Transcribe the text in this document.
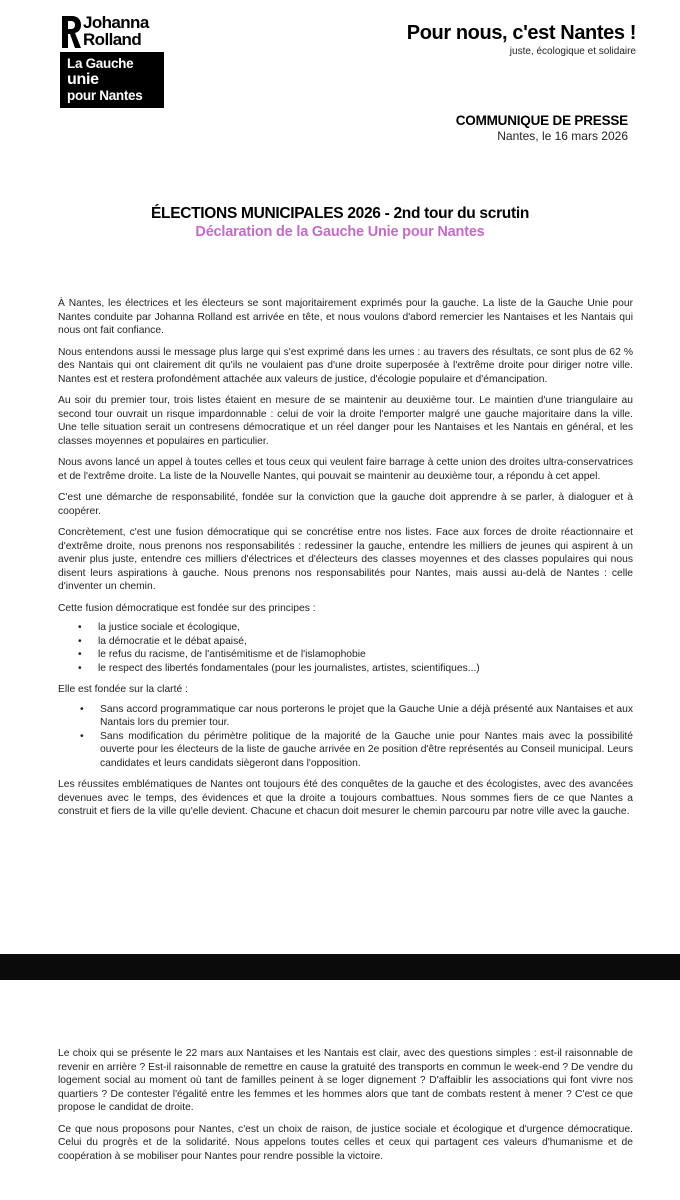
Johanna
Rolland
La Gauche unie
pour Nantes
Pour nous, c'est Nantes !
juste, écologique et solidaire
COMMUNIQUE DE PRESSE
Nantes, le 16 mars 2026
ÉLECTIONS MUNICIPALES 2026 - 2nd tour du scrutin
Déclaration de la Gauche Unie pour Nantes

À Nantes, les électrices et les électeurs se sont majoritairement exprimés pour la gauche. La liste de la Gauche Unie pour Nantes conduite par Johanna Rolland est arrivée en tête, et nous voulons d'abord remercier les Nantaises et les Nantais qui nous ont fait confiance.

Nous entendons aussi le message plus large qui s'est exprimé dans les urnes : au travers des résultats, ce sont plus de 62 % des Nantais qui ont clairement dit qu'ils ne voulaient pas d'une droite superposée à l'extrême droite pour diriger notre ville. Nantes est et restera profondément attachée aux valeurs de justice, d'écologie populaire et d'émancipation.

Au soir du premier tour, trois listes étaient en mesure de se maintenir au deuxième tour. Le maintien d'une triangulaire au second tour ouvrait un risque impardonnable : celui de voir la droite l'emporter malgré une gauche majoritaire dans la ville. Une telle situation serait un contresens démocratique et un réel danger pour les Nantaises et les Nantais en général, et les classes moyennes et populaires en particulier.

Nous avons lancé un appel à toutes celles et tous ceux qui veulent faire barrage à cette union des droites ultra-conservatrices et de l'extrême droite. La liste de la Nouvelle Nantes, qui pouvait se maintenir au deuxième tour, a répondu à cet appel.

C'est une démarche de responsabilité, fondée sur la conviction que la gauche doit apprendre à se parler, à dialoguer et à coopérer.

Concrètement, c'est une fusion démocratique qui se concrétise entre nos listes. Face aux forces de droite réactionnaire et d'extrême droite, nous prenons nos responsabilités : redessiner la gauche, entendre les milliers de jeunes qui aspirent à un avenir plus juste, entendre ces milliers d'électrices et d'électeurs des classes moyennes et des classes populaires qui nous disent leurs aspirations à gauche. Nous prenons nos responsabilités pour Nantes, mais aussi au-delà de Nantes : celle d'inventer un chemin.

Cette fusion démocratique est fondée sur des principes :

• la justice sociale et écologique,
• la démocratie et le débat apaisé,
• le refus du racisme, de l'antisémitisme et de l'islamophobie
• le respect des libertés fondamentales (pour les journalistes, artistes, scientifiques...)

Elle est fondée sur la clarté :

• Sans accord programmatique car nous porterons le projet que la Gauche Unie a déjà présenté aux Nantaises et aux Nantais lors du premier tour.
• Sans modification du périmètre politique de la majorité de la Gauche unie pour Nantes mais avec la possibilité ouverte pour les électeurs de la liste de gauche arrivée en 2e position d'être représentés au Conseil municipal. Leurs candidates et leurs candidats siègeront dans l'opposition.

Les réussites emblématiques de Nantes ont toujours été des conquêtes de la gauche et des écologistes, avec des avancées devenues avec le temps, des évidences et que la droite a toujours combattues. Nous sommes fiers de ce que Nantes a construit et fiers de la ville qu'elle devient. Chacune et chacun doit mesurer le chemin parcouru par notre ville avec la gauche.

Le choix qui se présente le 22 mars aux Nantaises et les Nantais est clair, avec des questions simples : est-il raisonnable de revenir en arrière ? Est-il raisonnable de remettre en cause la gratuité des transports en commun le week-end ? De vendre du logement social au moment où tant de familles peinent à se loger dignement ? D'affaiblir les associations qui font vivre nos quartiers ? De contester l'égalité entre les femmes et les hommes alors que tant de combats restent à mener ? C'est ce que propose le candidat de droite.

Ce que nous proposons pour Nantes, c'est un choix de raison, de justice sociale et écologique et d'urgence démocratique. Celui du progrès et de la solidarité. Nous appelons toutes celles et ceux qui partagent ces valeurs d'humanisme et de coopération à se mobiliser pour Nantes pour rendre possible la victoire.
